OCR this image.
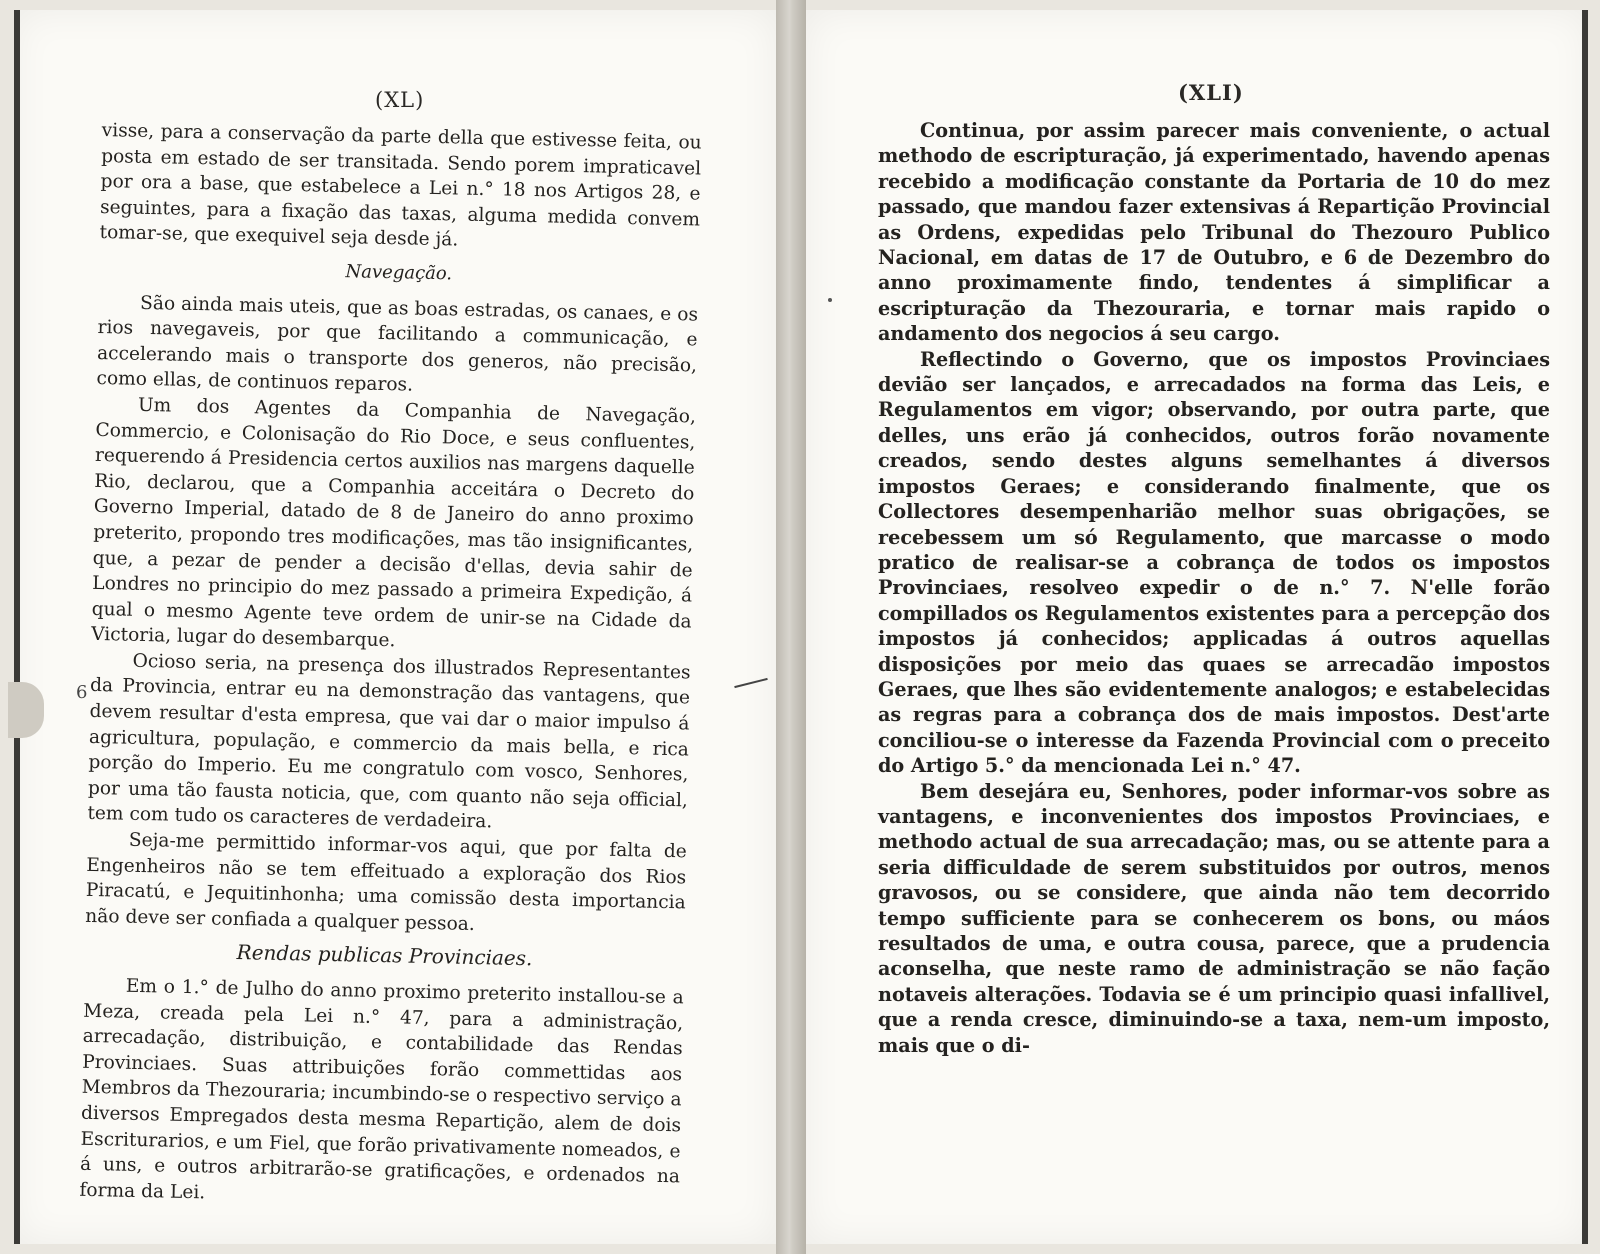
(XL)
6

visse, para a conservação da parte della que estivesse feita, ou posta em estado de ser transitada. Sendo porem impraticavel por ora a base, que estabelece a Lei n.° 18 nos Artigos 28, e seguintes, para a fixação das taxas, alguma medida convem tomar-se, que exequivel seja desde já.

Navegação.

São ainda mais uteis, que as boas estradas, os canaes, e os rios navegaveis, por que facilitando a communicação, e accelerando mais o transporte dos generos, não precisão, como ellas, de continuos reparos.

Um dos Agentes da Companhia de Navegação, Commercio, e Colonisação do Rio Doce, e seus confluentes, requerendo á Presidencia certos auxilios nas margens daquelle Rio, declarou, que a Companhia acceitára o Decreto do Governo Imperial, datado de 8 de Janeiro do anno proximo preterito, propondo tres modificações, mas tão insignificantes, que, a pezar de pender a decisão d'ellas, devia sahir de Londres no principio do mez passado a primeira Expedição, á qual o mesmo Agente teve ordem de unir-se na Cidade da Victoria, lugar do desembarque.

Ocioso seria, na presença dos illustrados Representantes da Provincia, entrar eu na demonstração das vantagens, que devem resultar d'esta empresa, que vai dar o maior impulso á agricultura, população, e commercio da mais bella, e rica porção do Imperio. Eu me congratulo com vosco, Senhores, por uma tão fausta noticia, que, com quanto não seja official, tem com tudo os caracteres de verdadeira.

Seja-me permittido informar-vos aqui, que por falta de Engenheiros não se tem effeituado a exploração dos Rios Piracatú, e Jequitinhonha; uma comissão desta importancia não deve ser confiada a qualquer pessoa.

Rendas publicas Provinciaes.

Em o 1.° de Julho do anno proximo preterito installou-se a Meza, creada pela Lei n.° 47, para a administração, arrecadação, distribuição, e contabilidade das Rendas Provinciaes. Suas attribuições forão commettidas aos Membros da Thezouraria; incumbindo-se o respectivo serviço a diversos Empregados desta mesma Repartição, alem de dois Escriturarios, e um Fiel, que forão privativamente nomeados, e á uns, e outros arbitrarão-se gratificações, e ordenados na forma da Lei.

(XLI)

Continua, por assim parecer mais conveniente, o actual methodo de escripturação, já experimentado, havendo apenas recebido a modificação constante da Portaria de 10 do mez passado, que mandou fazer extensivas á Repartição Provincial as Ordens, expedidas pelo Tribunal do Thezouro Publico Nacional, em datas de 17 de Outubro, e 6 de Dezembro do anno proximamente findo, tendentes á simplificar a escripturação da Thezouraria, e tornar mais rapido o andamento dos negocios á seu cargo.

Reflectindo o Governo, que os impostos Provinciaes devião ser lançados, e arrecadados na forma das Leis, e Regulamentos em vigor; observando, por outra parte, que delles, uns erão já conhecidos, outros forão novamente creados, sendo destes alguns semelhantes á diversos impostos Geraes; e considerando finalmente, que os Collectores desempenharião melhor suas obrigações, se recebessem um só Regulamento, que marcasse o modo pratico de realisar-se a cobrança de todos os impostos Provinciaes, resolveo expedir o de n.° 7. N'elle forão compillados os Regulamentos existentes para a percepção dos impostos já conhecidos; applicadas á outros aquellas disposições por meio das quaes se arrecadão impostos Geraes, que lhes são evidentemente analogos; e estabelecidas as regras para a cobrança dos de mais impostos. Dest'arte conciliou-se o interesse da Fazenda Provincial com o preceito do Artigo 5.° da mencionada Lei n.° 47.

Bem desejára eu, Senhores, poder informar-vos sobre as vantagens, e inconvenientes dos impostos Provinciaes, e methodo actual de sua arrecadação; mas, ou se attente para a seria difficuldade de serem substituidos por outros, menos gravosos, ou se considere, que ainda não tem decorrido tempo sufficiente para se conhecerem os bons, ou máos resultados de uma, e outra cousa, parece, que a prudencia aconselha, que neste ramo de administração se não fação notaveis alterações. Todavia se é um principio quasi infallivel, que a renda cresce, diminuindo-se a taxa, nem-um imposto, mais que o di-
